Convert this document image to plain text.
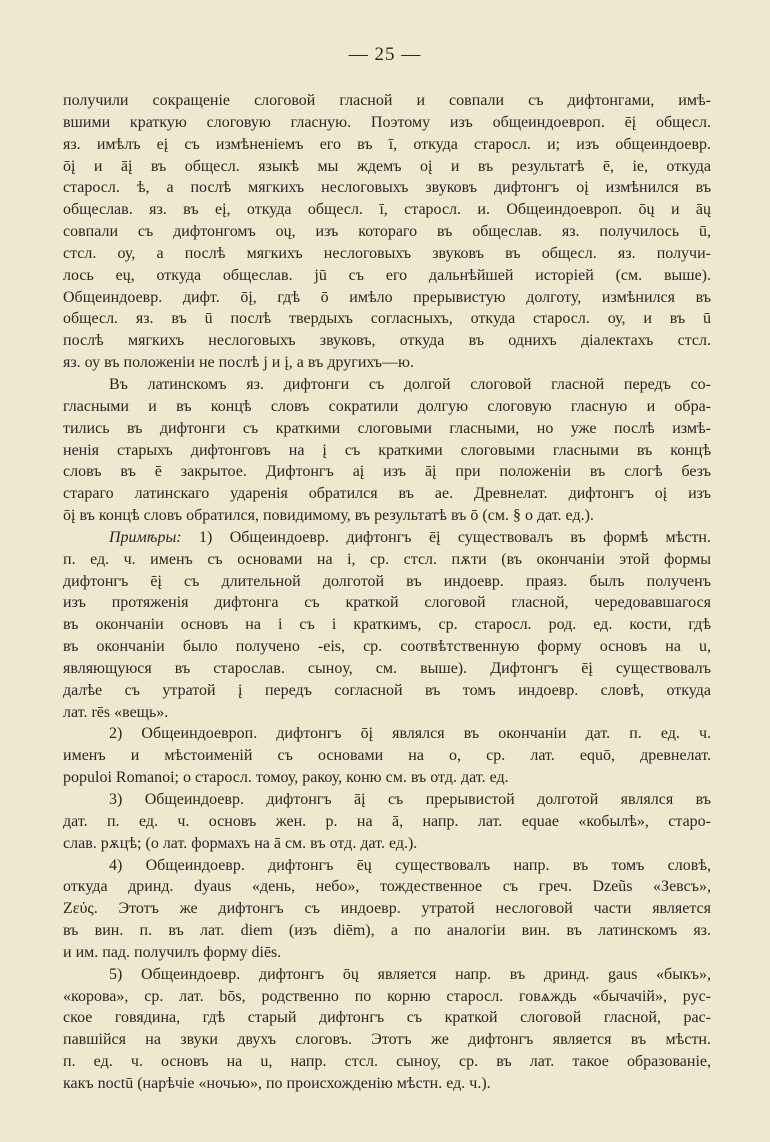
— 25 —
получили сокращеніе слоговой гласной и совпали съ дифтонгами, имѣ-
вшими краткую слоговую гласную. Поэтому изъ общеиндоевроп. ēį общесл.
яз. имѣлъ eį съ измѣненіемъ его въ ī, откуда старосл. и; изъ общеиндоевр.
ōį и āį въ общесл. языкѣ мы ждемъ oį и въ результатѣ ē, ie, откуда
старосл. ѣ, а послѣ мягкихъ неслоговыхъ звуковъ дифтонгъ oį измѣнился въ
общеслав. яз. въ eį, откуда общесл. ī, старосл. и. Общеиндоевроп. ōų и āų
совпали съ дифтонгомъ oų, изъ котораго въ общеслав. яз. получилось ū,
стсл. оу, а послѣ мягкихъ неслоговыхъ звуковъ въ общесл. яз. получи-
лось eų, откуда общеслав. jū съ его дальнѣйшей исторіей (см. выше).
Общеиндоевр. дифт. ōį, гдѣ ō имѣло прерывистую долготу, измѣнился въ
общесл. яз. въ ū послѣ твердыхъ согласныхъ, откуда старосл. оу, и въ ū
послѣ мягкихъ неслоговыхъ звуковъ, откуда въ однихъ діалектахъ стсл.
яз. оу въ положеніи не послѣ j и į, а въ другихъ—ю.
Въ латинскомъ яз. дифтонги съ долгой слоговой гласной передъ со-
гласными и въ концѣ словъ сократили долгую слоговую гласную и обра-
тились въ дифтонги съ краткими слоговыми гласными, но уже послѣ измѣ-
ненія старыхъ дифтонговъ на į съ краткими слоговыми гласными въ концѣ
словъ въ ē закрытое. Дифтонгъ aį изъ āį при положеніи въ слогѣ безъ
стараго латинскаго ударенія обратился въ ae. Древнелат. дифтонгъ oį изъ
ōį въ концѣ словъ обратился, повидимому, въ результатѣ въ ō (см. § о дат. ед.).
Примѣры: 1) Общеиндоевр. дифтонгъ ēį существовалъ въ формѣ мѣстн.
п. ед. ч. именъ съ основами на i, ср. стсл. пѫти (въ окончаніи этой формы
дифтонгъ ēį съ длительной долготой въ индоевр. праяз. былъ полученъ
изъ протяженія дифтонга съ краткой слоговой гласной, чередовавшагося
въ окончаніи основъ на i съ i краткимъ, ср. старосл. род. ед. кости, гдѣ
въ окончаніи было получено -eis, ср. соотвѣтственную форму основъ на u,
являющуюся въ старослав. сынoу, см. выше). Дифтонгъ ēį существовалъ
далѣе съ утратой į передъ согласной въ томъ индоевр. словѣ, откуда
лат. rēs «вещь».
2) Общеиндоевроп. дифтонгъ ōį являлся въ окончаніи дат. п. ед. ч.
именъ и мѣстоименій съ основами на o, ср. лат. equō, древнелат.
populoi Romanoi; о старосл. томоу, ракоу, коню см. въ отд. дат. ед.
3) Общеиндоевр. дифтонгъ āį съ прерывистой долготой являлся въ
дат. п. ед. ч. основъ жен. р. на ā, напр. лат. equae «кобылѣ», старо-
слав. рѫцѣ; (о лат. формахъ на ā см. въ отд. дат. ед.).
4) Общеиндоевр. дифтонгъ ēų существовалъ напр. въ томъ словѣ,
откуда дринд. dyaus «день, небо», тождественное съ греч. Dzeũs «Зевсъ»,
Ζεύς. Этотъ же дифтонгъ съ индоевр. утратой неслоговой части является
въ вин. п. въ лат. diem (изъ diēm), а по аналогіи вин. въ латинскомъ яз.
и им. пад. получилъ форму diēs.
5) Общеиндоевр. дифтонгъ ōų является напр. въ дринд. gaus «быкъ»,
«корова», ср. лат. bōs, родственно по корню старосл. говѧждь «бычачій», рус-
ское говядина, гдѣ старый дифтонгъ съ краткой слоговой гласной, рас-
павшійся на звуки двухъ слоговъ. Этотъ же дифтонгъ является въ мѣстн.
п. ед. ч. основъ на u, напр. стсл. сынoу, ср. въ лат. такое образованіе,
какъ noctū (нарѣчіе «ночью», по происхожденію мѣстн. ед. ч.).
